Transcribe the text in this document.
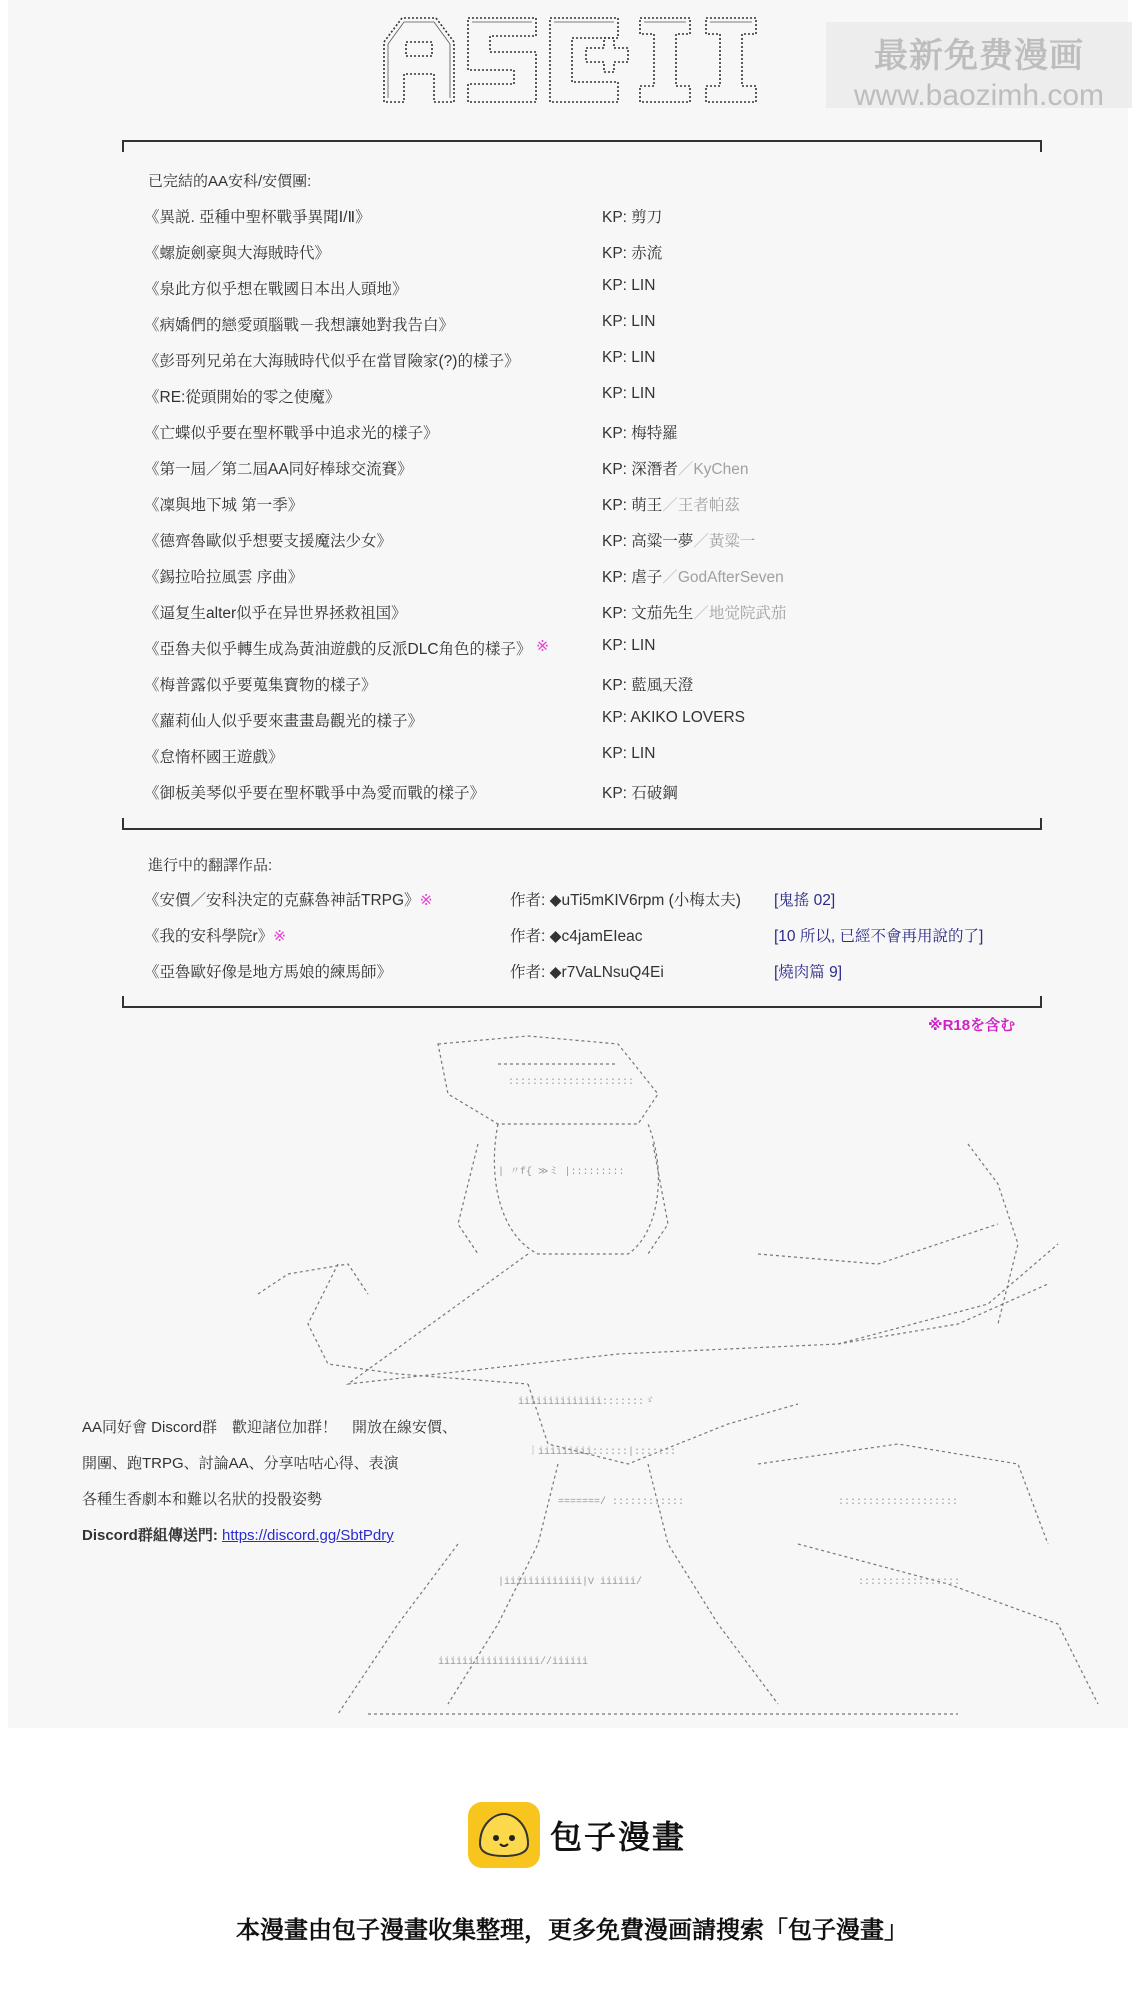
最新免费漫画
www.baozimh.com
已完結的AA安科/安價團:
《異説. 亞種中聖杯戰爭異聞Ⅰ/Ⅱ》	KP: 剪刀
《螺旋劍豪與大海賊時代》	KP: 赤流
《泉此方似乎想在戰國日本出人頭地》	KP: LIN
《病嬌們的戀愛頭腦戰－我想讓她對我告白》	KP: LIN
《彭哥列兄弟在大海賊時代似乎在當冒險家(?)的樣子》	KP: LIN
《RE:從頭開始的零之使魔》	KP: LIN
《亡蝶似乎要在聖杯戰爭中追求光的樣子》	KP: 梅特羅
《第一屆／第二屆AA同好棒球交流賽》	KP: 深潛者／KyChen
《凜與地下城 第一季》	KP: 萌王／王者帕茲
《德齊魯歐似乎想要支援魔法少女》	KP: 高粱一夢／黃粱一
《錫拉哈拉風雲 序曲》	KP: 虐子／GodAfterSeven
《逼复生alter似乎在异世界拯救祖国》	KP: 文茄先生／地觉院武茄
《亞魯夫似乎轉生成為黃油遊戲的反派DLC角色的樣子》 ※	KP: LIN
《梅普露似乎要蒐集寶物的樣子》	KP: 藍風天澄
《蘿莉仙人似乎要來畫畫島觀光的樣子》	KP: AKIKO LOVERS
《怠惰杯國王遊戲》	KP: LIN
《御板美琴似乎要在聖杯戰爭中為愛而戰的樣子》	KP: 石破鋼
進行中的翻譯作品:
《安價／安科決定的克蘇魯神話TRPG》※	作者: ◆uTi5mKIV6rpm (小梅太夫) [鬼搖 02]
《我的安科學院r》※	作者: ◆c4jamEIeac	[10 所以, 已經不會再用說的了]
《亞魯歐好像是地方馬娘的練馬師》	作者: ◆r7VaLNsuQ4Ei	[燒肉篇 9]
※R18を含む
:::::::::::::::::::::
| 〃f{ ≫ミ |:::::::::
iiiiiiiiiiiiii:::::::ゞ
｜iiiiiiiii::::::|:::::::
=======/ ::::::::::::
|iiiiiiiiiiiii|V iiiiii/
iiiiiiiiiiiiiiiii//iiiiii
::::::::::::::::::::
:::::::::::::::::
AA同好會 Discord群　歡迎諸位加群！　開放在線安價、
開團、跑TRPG、討論AA、分享咕咕心得、表演
各種生香劇本和難以名狀的投骰姿勢
Discord群組傳送門: https://discord.gg/SbtPdry
包子漫畫
本漫畫由包子漫畫收集整理，更多免費漫画請搜索「包子漫畫」
